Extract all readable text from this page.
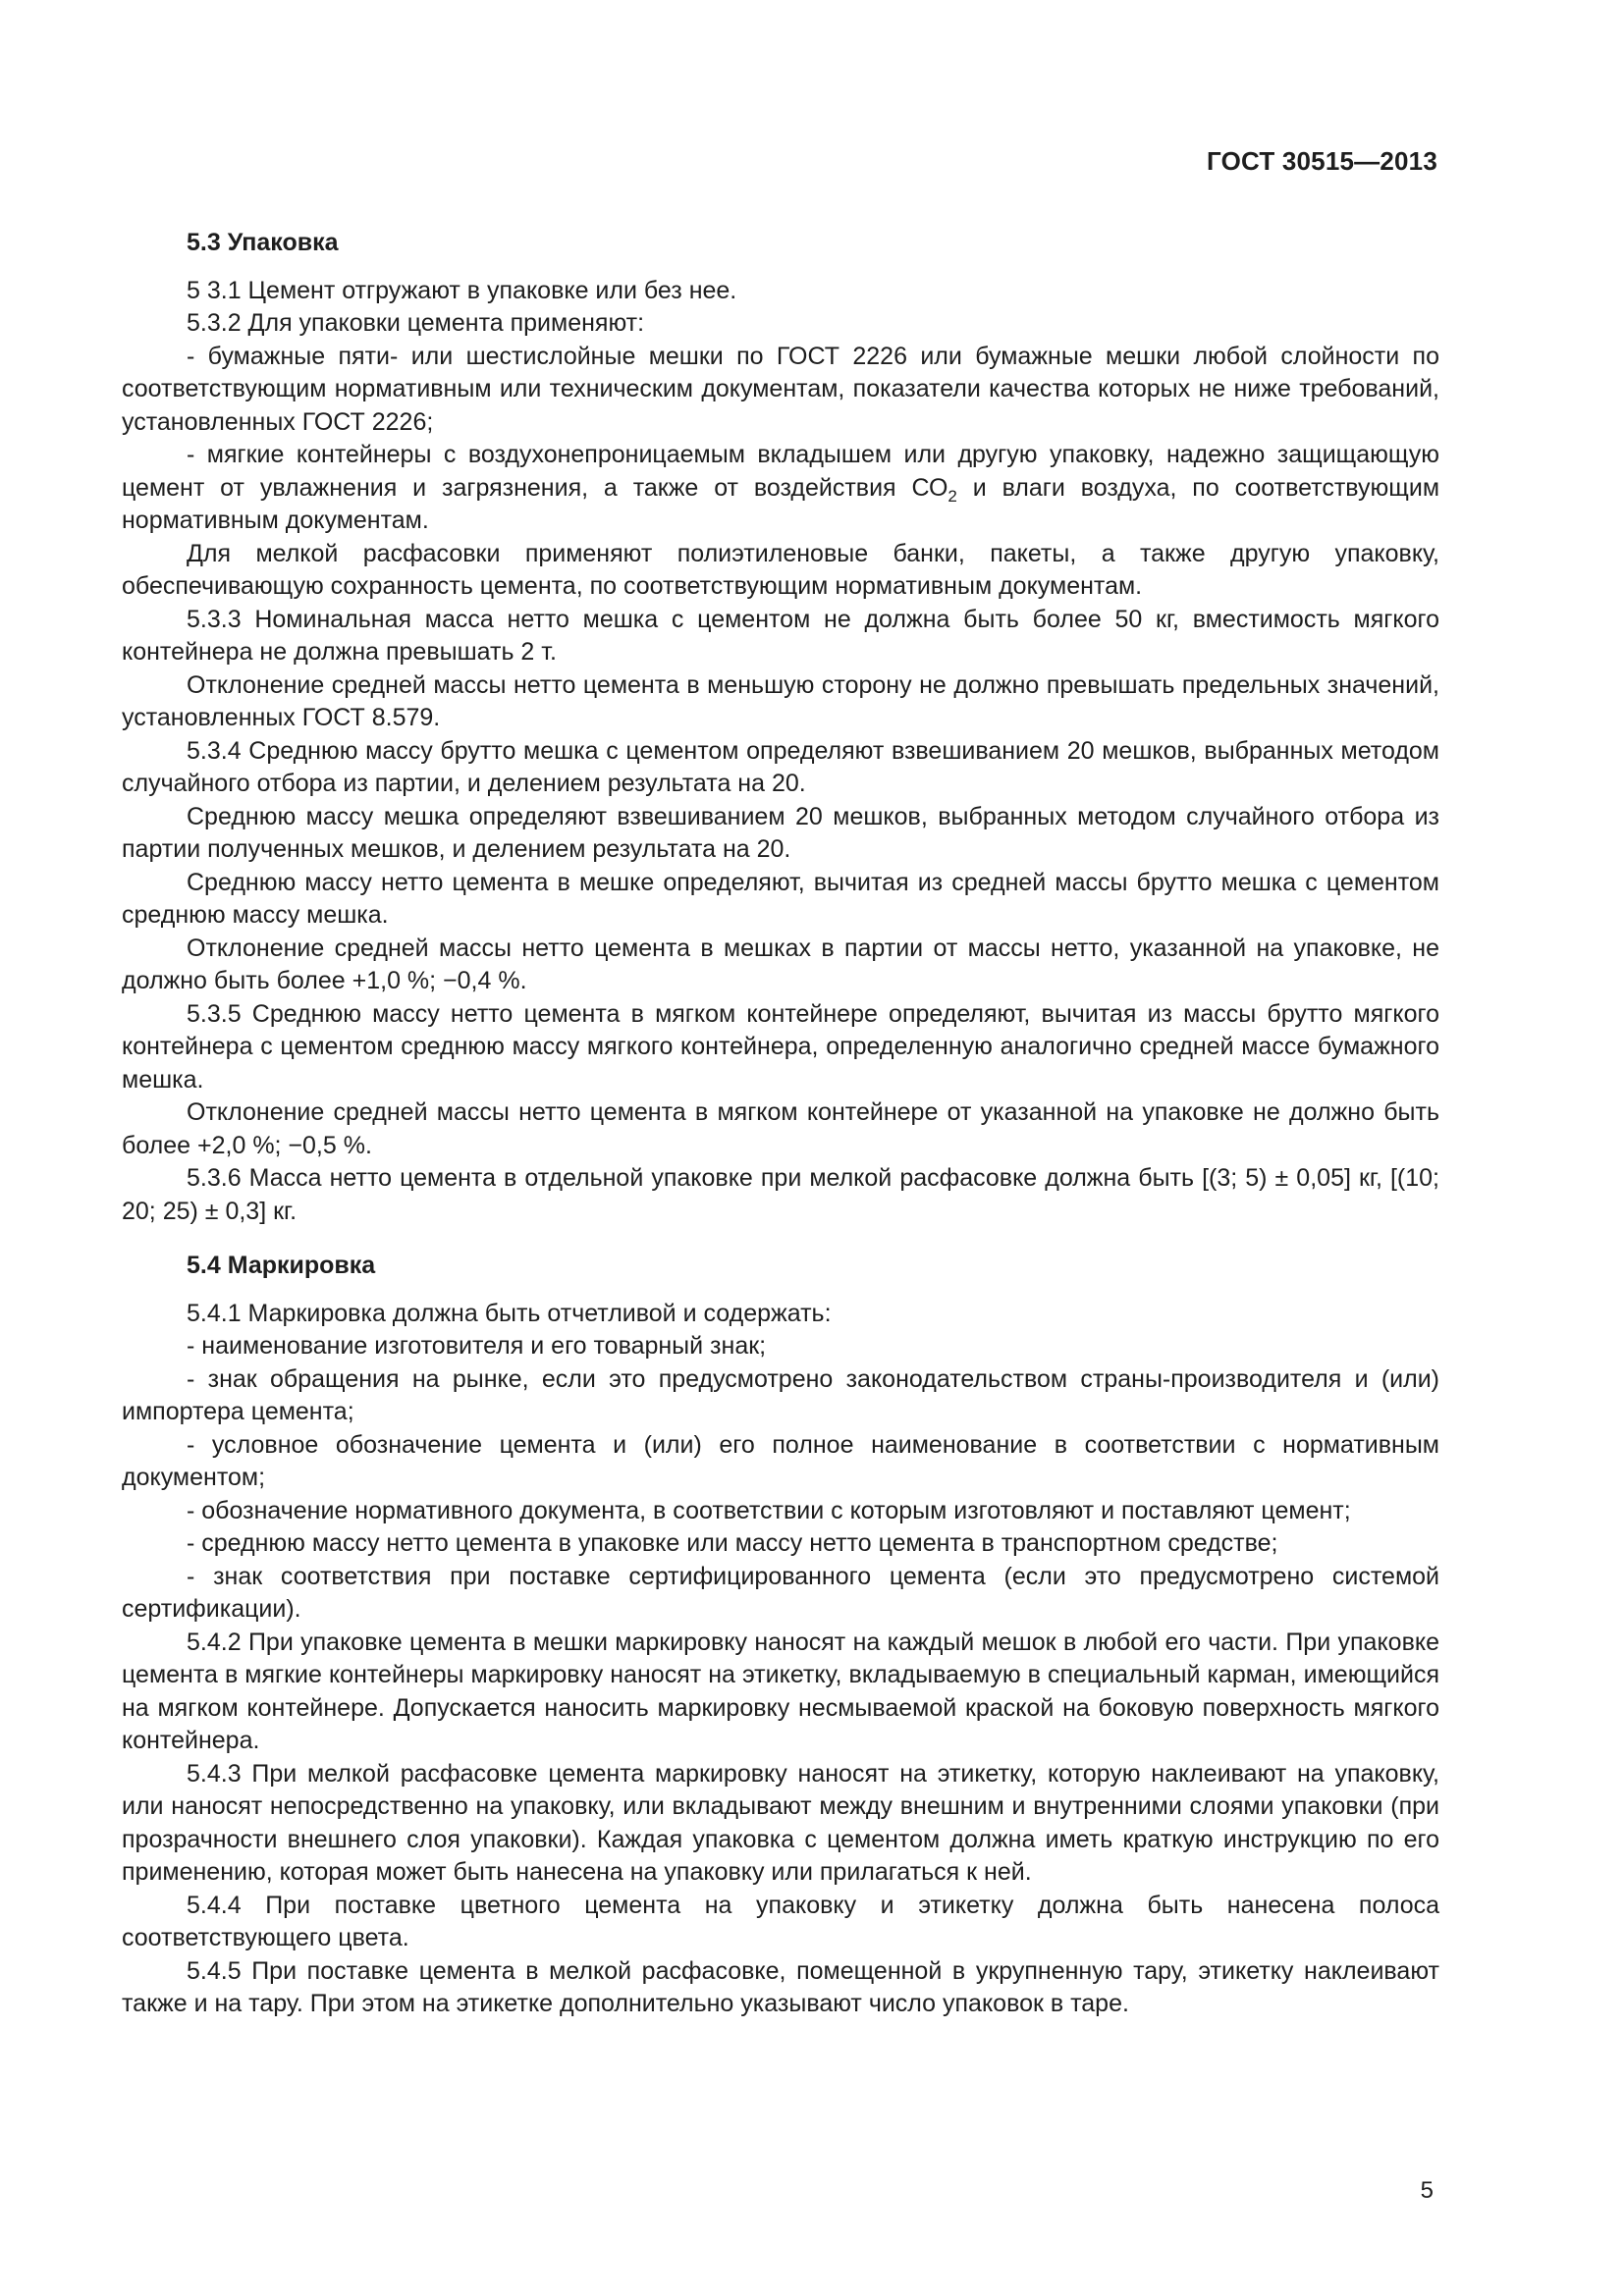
ГОСТ 30515—2013
5.3 Упаковка
5 3.1 Цемент отгружают в упаковке или без нее.
5.3.2 Для упаковки цемента применяют:
- бумажные пяти- или шестислойные мешки по ГОСТ 2226 или бумажные мешки любой слойности по соответствующим нормативным или техническим документам, показатели качества которых не ниже требований, установленных ГОСТ 2226;
- мягкие контейнеры с воздухонепроницаемым вкладышем или другую упаковку, надежно защищающую цемент от увлажнения и загрязнения, а также от воздействия $СО_2$ и влаги воздуха, по соответствующим нормативным документам.
Для мелкой расфасовки применяют полиэтиленовые банки, пакеты, а также другую упаковку, обеспечивающую сохранность цемента, по соответствующим нормативным документам.
5.3.3 Номинальная масса нетто мешка с цементом не должна быть более 50 кг, вместимость мягкого контейнера не должна превышать 2 т.
Отклонение средней массы нетто цемента в меньшую сторону не должно превышать предельных значений, установленных ГОСТ 8.579.
5.3.4 Среднюю массу брутто мешка с цементом определяют взвешиванием 20 мешков, выбранных методом случайного отбора из партии, и делением результата на 20.
Среднюю массу мешка определяют взвешиванием 20 мешков, выбранных методом случайного отбора из партии полученных мешков, и делением результата на 20.
Среднюю массу нетто цемента в мешке определяют, вычитая из средней массы брутто мешка с цементом среднюю массу мешка.
Отклонение средней массы нетто цемента в мешках в партии от массы нетто, указанной на упаковке, не должно быть более +1,0 %; −0,4 %.
5.3.5 Среднюю массу нетто цемента в мягком контейнере определяют, вычитая из массы брутто мягкого контейнера с цементом среднюю массу мягкого контейнера, определенную аналогично средней массе бумажного мешка.
Отклонение средней массы нетто цемента в мягком контейнере от указанной на упаковке не должно быть более +2,0 %; −0,5 %.
5.3.6 Масса нетто цемента в отдельной упаковке при мелкой расфасовке должна быть [(3; 5) ± 0,05] кг, [(10; 20; 25) ± 0,3] кг.
5.4 Маркировка
5.4.1 Маркировка должна быть отчетливой и содержать:
- наименование изготовителя и его товарный знак;
- знак обращения на рынке, если это предусмотрено законодательством страны-производителя и (или) импортера цемента;
- условное обозначение цемента и (или) его полное наименование в соответствии с нормативным документом;
- обозначение нормативного документа, в соответствии с которым изготовляют и поставляют цемент;
- среднюю массу нетто цемента в упаковке или массу нетто цемента в транспортном средстве;
- знак соответствия при поставке сертифицированного цемента (если это предусмотрено системой сертификации).
5.4.2 При упаковке цемента в мешки маркировку наносят на каждый мешок в любой его части. При упаковке цемента в мягкие контейнеры маркировку наносят на этикетку, вкладываемую в специальный карман, имеющийся на мягком контейнере. Допускается наносить маркировку несмываемой краской на боковую поверхность мягкого контейнера.
5.4.3 При мелкой расфасовке цемента маркировку наносят на этикетку, которую наклеивают на упаковку, или наносят непосредственно на упаковку, или вкладывают между внешним и внутренними слоями упаковки (при прозрачности внешнего слоя упаковки). Каждая упаковка с цементом должна иметь краткую инструкцию по его применению, которая может быть нанесена на упаковку или прилагаться к ней.
5.4.4 При поставке цветного цемента на упаковку и этикетку должна быть нанесена полоса соответствующего цвета.
5.4.5 При поставке цемента в мелкой расфасовке, помещенной в укрупненную тару, этикетку наклеивают также и на тару. При этом на этикетке дополнительно указывают число упаковок в таре.
5
